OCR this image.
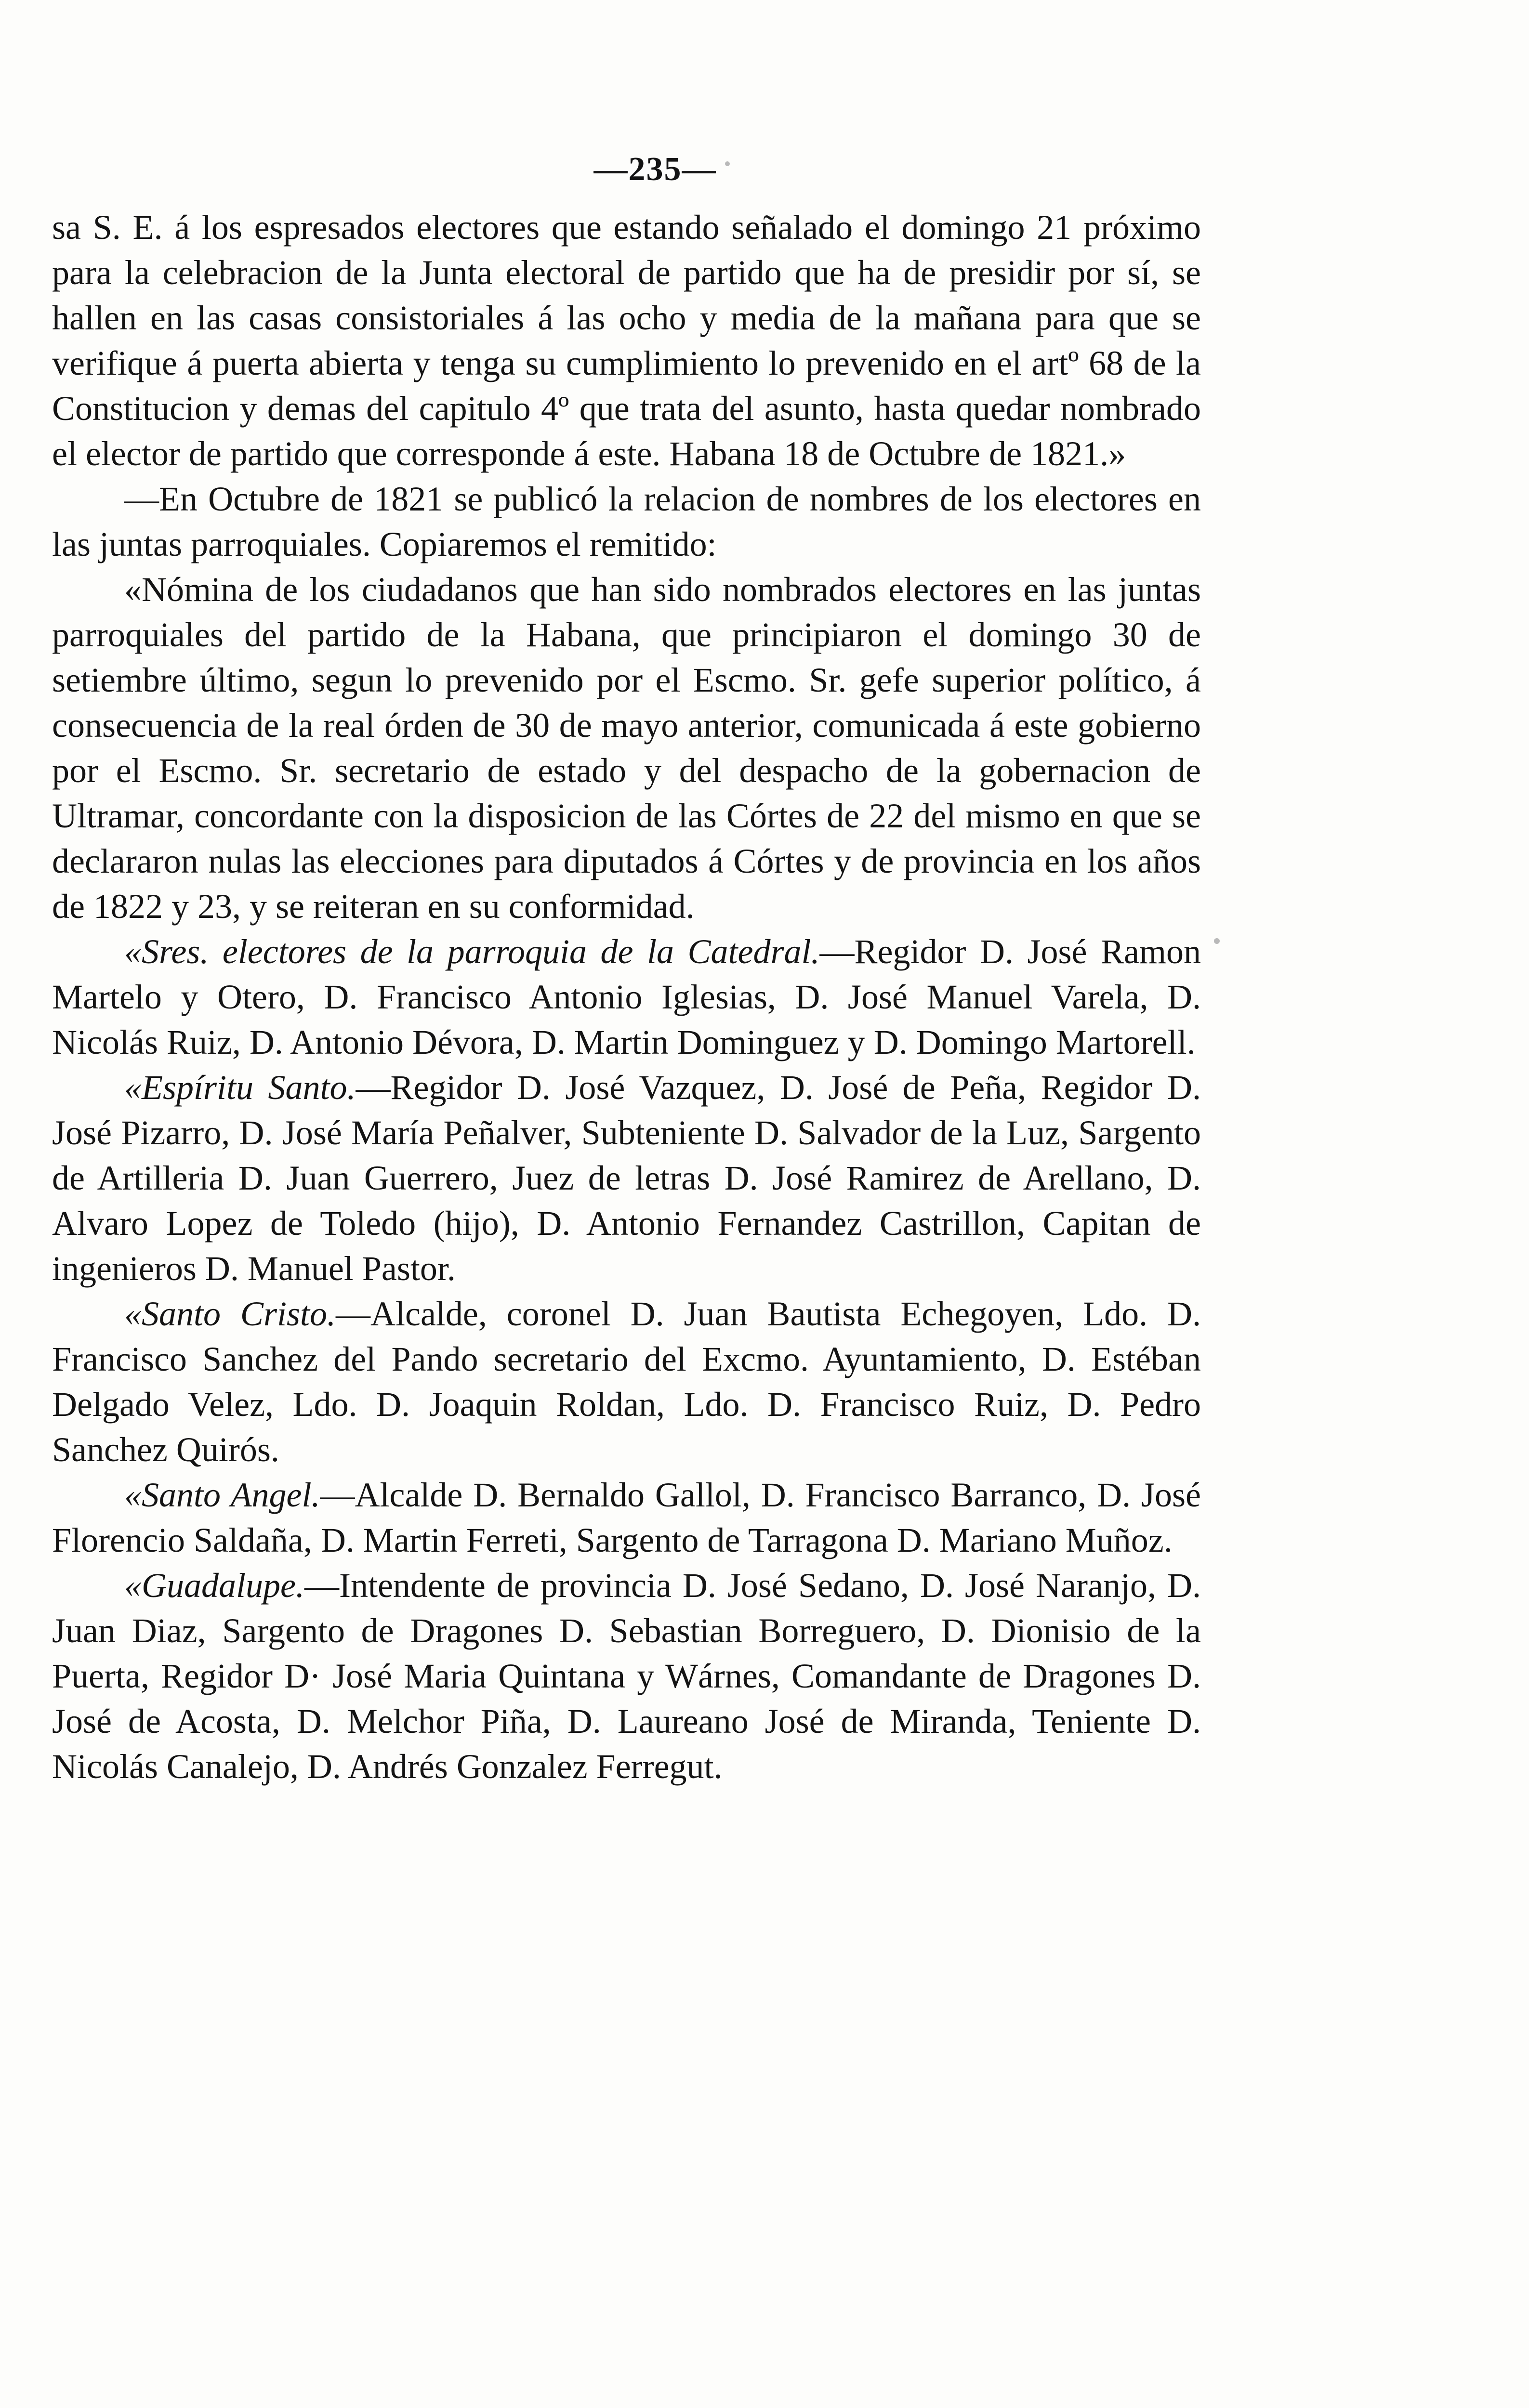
—235—

sa S. E. á los espresados electores que estando señalado el domingo 21 próximo para la celebracion de la Junta electoral de partido que ha de presidir por sí, se hallen en las casas consistoriales á las ocho y media de la mañana para que se verifique á puerta abierta y tenga su cumplimiento lo prevenido en el artº 68 de la Constitucion y demas del capitulo 4º que trata del asunto, hasta quedar nombrado el elector de partido que corresponde á este. Habana 18 de Octubre de 1821.»

—En Octubre de 1821 se publicó la relacion de nombres de los electores en las juntas parroquiales. Copiaremos el remitido:

«Nómina de los ciudadanos que han sido nombrados electores en las juntas parroquiales del partido de la Habana, que principiaron el domingo 30 de setiembre último, segun lo prevenido por el Escmo. Sr. gefe superior político, á consecuencia de la real órden de 30 de mayo anterior, comunicada á este gobierno por el Escmo. Sr. secretario de estado y del despacho de la gobernacion de Ultramar, concordante con la disposicion de las Córtes de 22 del mismo en que se declararon nulas las elecciones para diputados á Córtes y de provincia en los años de 1822 y 23, y se reiteran en su conformidad.

«Sres. electores de la parroquia de la Catedral.—Regidor D. José Ramon Martelo y Otero, D. Francisco Antonio Iglesias, D. José Manuel Varela, D. Nicolás Ruiz, D. Antonio Dévora, D. Martin Dominguez y D. Domingo Martorell.

«Espíritu Santo.—Regidor D. José Vazquez, D. José de Peña, Regidor D. José Pizarro, D. José María Peñalver, Subteniente D. Salvador de la Luz, Sargento de Artilleria D. Juan Guerrero, Juez de letras D. José Ramirez de Arellano, D. Alvaro Lopez de Toledo (hijo), D. Antonio Fernandez Castrillon, Capitan de ingenieros D. Manuel Pastor.

«Santo Cristo.—Alcalde, coronel D. Juan Bautista Echegoyen, Ldo. D. Francisco Sanchez del Pando secretario del Excmo. Ayuntamiento, D. Estéban Delgado Velez, Ldo. D. Joaquin Roldan, Ldo. D. Francisco Ruiz, D. Pedro Sanchez Quirós.

«Santo Angel.—Alcalde D. Bernaldo Gallol, D. Francisco Barranco, D. José Florencio Saldaña, D. Martin Ferreti, Sargento de Tarragona D. Mariano Muñoz.

«Guadalupe.—Intendente de provincia D. José Sedano, D. José Naranjo, D. Juan Diaz, Sargento de Dragones D. Sebastian Borreguero, D. Dionisio de la Puerta, Regidor D· José Maria Quintana y Wárnes, Comandante de Dragones D. José de Acosta, D. Melchor Piña, D. Laureano José de Miranda, Teniente D. Nicolás Canalejo, D. Andrés Gonzalez Ferregut.
